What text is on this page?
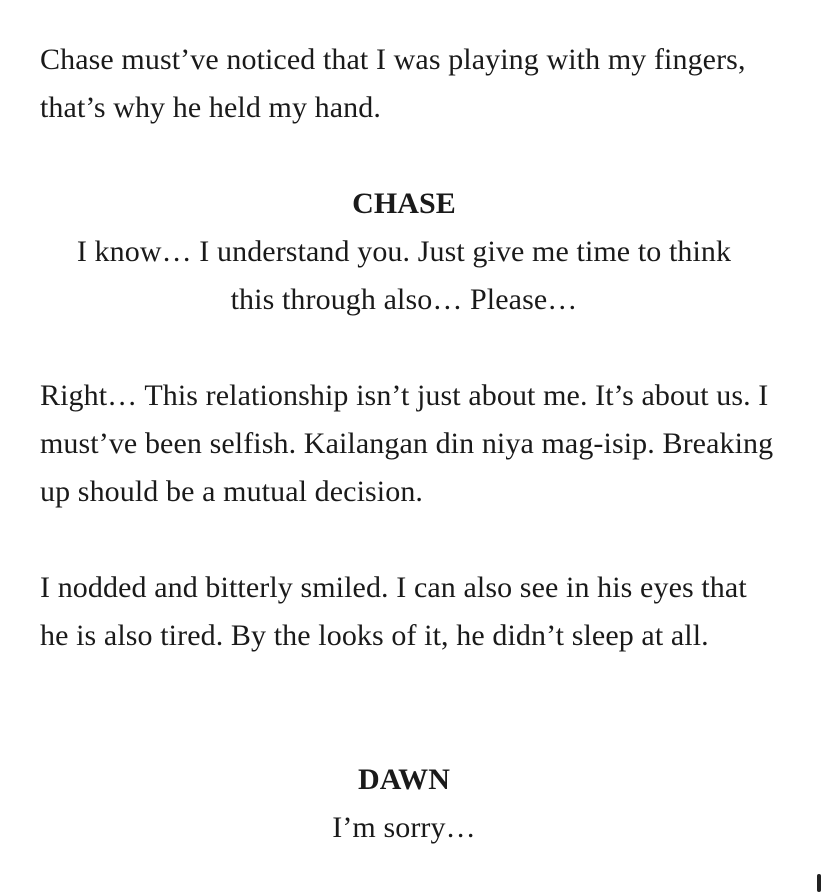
Chase must’ve noticed that I was playing with my fingers, that’s why he held my hand.

CHASE

I know… I understand you. Just give me time to think this through also… Please…

Right… This relationship isn’t just about me. It’s about us. I must’ve been selfish. Kailangan din niya mag-isip. Breaking up should be a mutual decision.

I nodded and bitterly smiled. I can also see in his eyes that he is also tired. By the looks of it, he didn’t sleep at all.

DAWN

I’m sorry…
